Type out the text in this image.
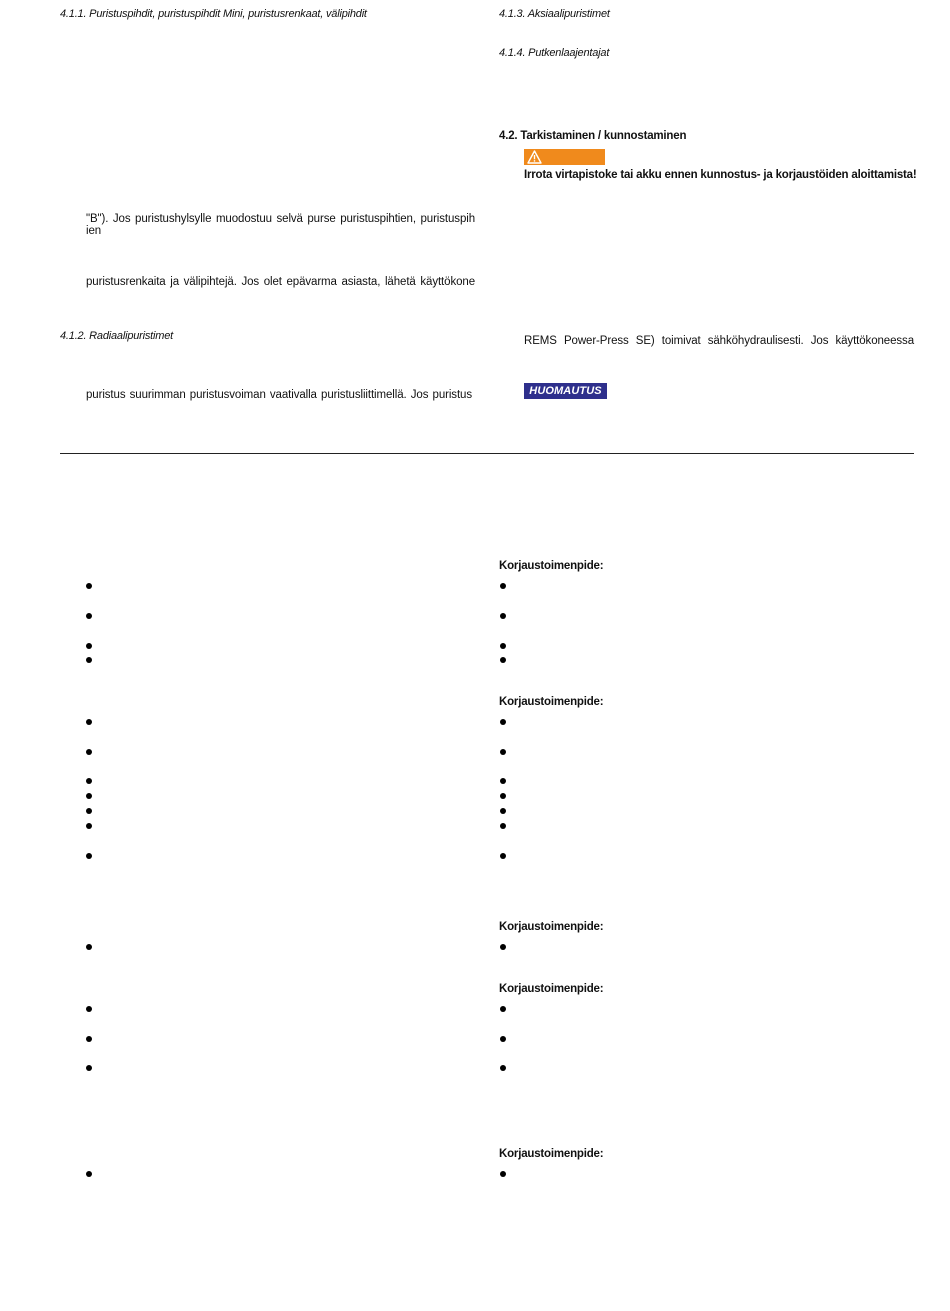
4.1.1. Puristuspihdit, puristuspihdit Mini, puristusrenkaat, välipihdit
"B"). Jos puristushylsylle muodostuu selvä purse puristuspihtien, puristuspih ien
puristusrenkaita ja välipihtejä. Jos olet epävarma asiasta, lähetä käyttökone
4.1.2. Radiaalipuristimet
puristus suurimman puristusvoiman vaativalla puristusliittimellä. Jos puristus
4.1.3. Aksiaalipuristimet
4.1.4. Putkenlaajentajat
4.2. Tarkistaminen / kunnostaminen
Irrota virtapistoke tai akku ennen kunnostus- ja korjaustöiden aloittamista!
REMS Power-Press SE) toimivat sähköhydraulisesti. Jos käyttökoneessa
HUOMAUTUS
Korjaustoimenpide:
Korjaustoimenpide:
Korjaustoimenpide:
Korjaustoimenpide:
Korjaustoimenpide:
